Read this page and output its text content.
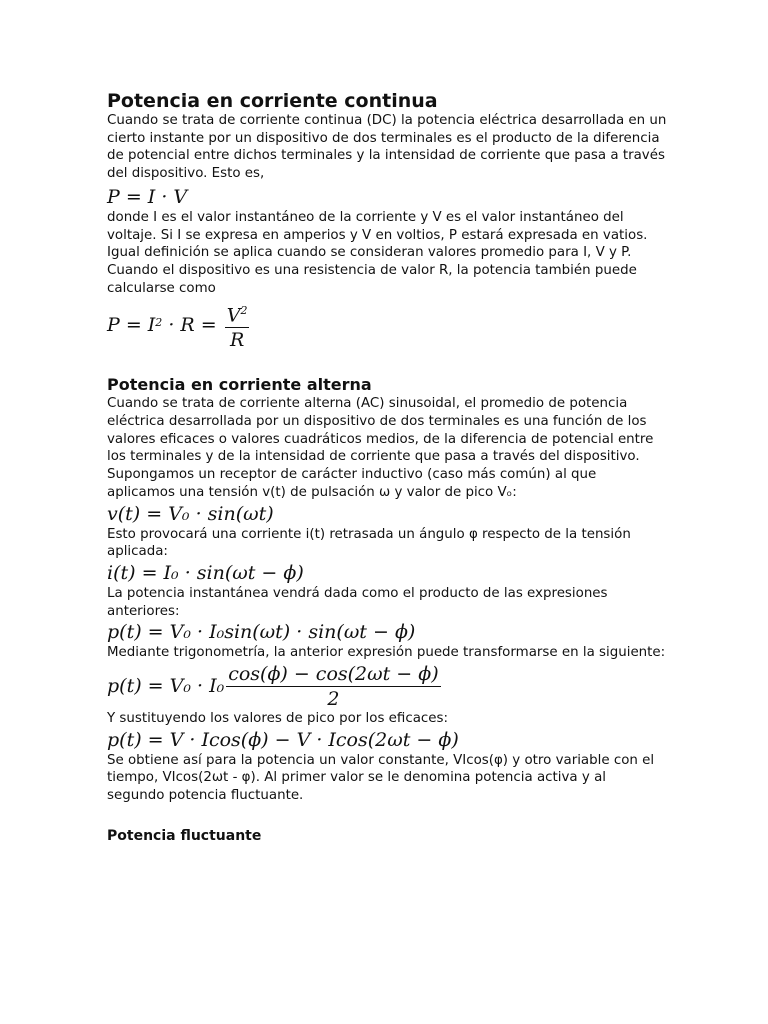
Potencia en corriente continua

Cuando se trata de corriente continua (DC) la potencia eléctrica desarrollada en un cierto instante por un dispositivo de dos terminales es el producto de la diferencia de potencial entre dichos terminales y la intensidad de corriente que pasa a través del dispositivo. Esto es,

P = I · V

donde I es el valor instantáneo de la corriente y V es el valor instantáneo del voltaje. Si I se expresa en amperios y V en voltios, P estará expresada en vatios.

Igual definición se aplica cuando se consideran valores promedio para I, V y P.

Cuando el dispositivo es una resistencia de valor R, la potencia también puede calcularse como

$P = I^2 \cdot R = \frac{V^2}{R}$
Potencia en corriente alterna

Cuando se trata de corriente alterna (AC) sinusoidal, el promedio de potencia eléctrica desarrollada por un dispositivo de dos terminales es una función de los valores eficaces o valores cuadráticos medios, de la diferencia de potencial entre los terminales y de la intensidad de corriente que pasa a través del dispositivo.

Supongamos un receptor de carácter inductivo (caso más común) al que aplicamos una tensión v(t) de pulsación ω y valor de pico Vₒ:

v(t) = V₀ · sin(ωt)

Esto provocará una corriente i(t) retrasada un ángulo φ respecto de la tensión aplicada:

i(t) = I₀ · sin(ωt − ϕ)

La potencia instantánea vendrá dada como el producto de las expresiones anteriores:

p(t) = V₀ · I₀sin(ωt) · sin(ωt − ϕ)

Mediante trigonometría, la anterior expresión puede transformarse en la siguiente:

$p(t) = V_0 \cdot I_0 \frac{\cos(\phi) - \cos(2\omega t - \phi)}{2}$

Y sustituyendo los valores de pico por los eficaces:

p(t) = V · Icos(ϕ) − V · Icos(2ωt − ϕ)

Se obtiene así para la potencia un valor constante, VIcos(φ) y otro variable con el tiempo, VIcos(2ωt - φ). Al primer valor se le denomina potencia activa y al segundo potencia fluctuante.

Potencia fluctuante
